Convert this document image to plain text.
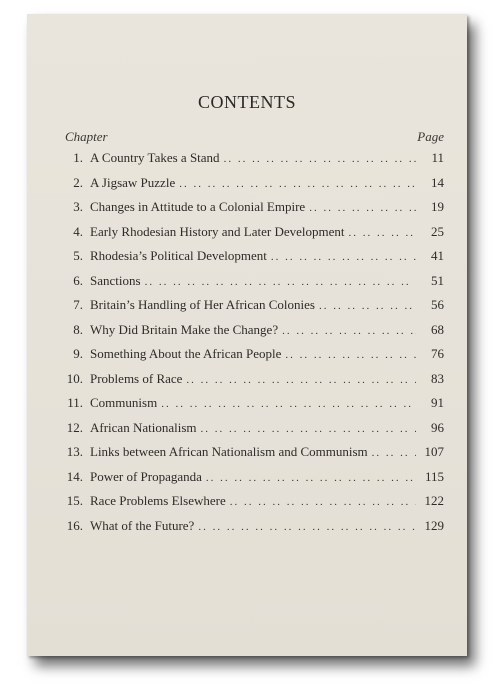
CONTENTS
Chapter	Page
1. A Country Takes a Stand .. ..	11
2. A Jigsaw Puzzle .. ..	14
3. Changes in Attitude to a Colonial Empire .. ..	19
4. Early Rhodesian History and Later Development .. ..	25
5. Rhodesia’s Political Development .. ..	41
6. Sanctions .. ..	51
7. Britain’s Handling of Her African Colonies .. ..	56
8. Why Did Britain Make the Change? .. ..	68
9. Something About the African People .. ..	76
10. Problems of Race .. ..	83
11. Communism .. ..	91
12. African Nationalism .. ..	96
13. Links between African Nationalism and Communism .. ..	107
14. Power of Propaganda .. ..	115
15. Race Problems Elsewhere .. ..	122
16. What of the Future? .. ..	129
